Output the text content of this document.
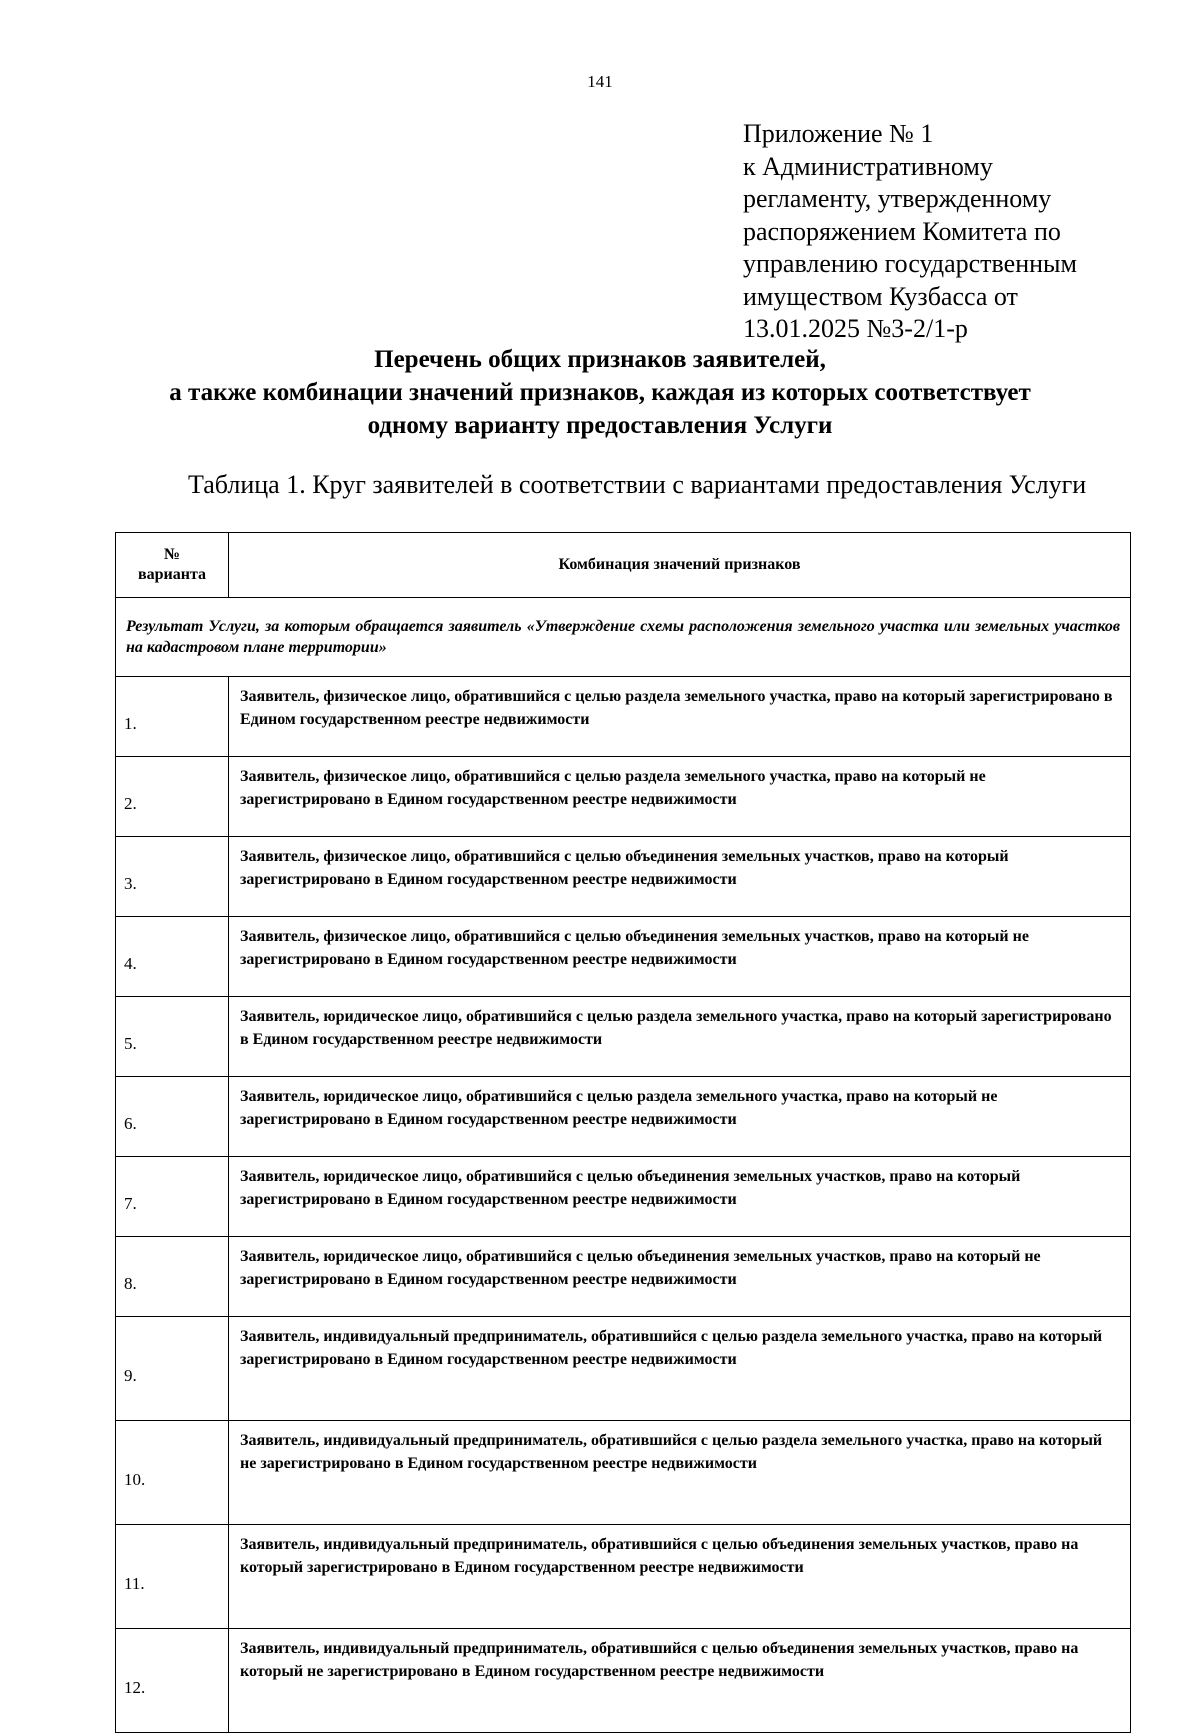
141
Приложение № 1
к Административному
регламенту, утвержденному
распоряжением Комитета по
управлению государственным
имуществом Кузбасса от
13.01.2025 №3-2/1-р
Перечень общих признаков заявителей,
а также комбинации значений признаков, каждая из которых соответствует
одному варианту предоставления Услуги
Таблица 1. Круг заявителей в соответствии с вариантами предоставления Услуги
№
варианта	Комбинация значений признаков
Результат Услуги, за которым обращается заявитель «Утверждение схемы расположения земельного участка или земельных участков на кадастровом плане территории»	
1.	Заявитель, физическое лицо, обратившийся с целью раздела земельного участка, право на который зарегистрировано в Едином государственном реестре недвижимости
2.	Заявитель, физическое лицо, обратившийся с целью раздела земельного участка, право на который не зарегистрировано в Едином государственном реестре недвижимости
3.	Заявитель, физическое лицо, обратившийся с целью объединения земельных участков, право на который зарегистрировано в Едином государственном реестре недвижимости
4.	Заявитель, физическое лицо, обратившийся с целью объединения земельных участков, право на который не зарегистрировано в Едином государственном реестре недвижимости
5.	Заявитель, юридическое лицо, обратившийся с целью раздела земельного участка, право на который зарегистрировано в Едином государственном реестре недвижимости
6.	Заявитель, юридическое лицо, обратившийся с целью раздела земельного участка, право на который не зарегистрировано в Едином государственном реестре недвижимости
7.	Заявитель, юридическое лицо, обратившийся с целью объединения земельных участков, право на который зарегистрировано в Едином государственном реестре недвижимости
8.	Заявитель, юридическое лицо, обратившийся с целью объединения земельных участков, право на который не зарегистрировано в Едином государственном реестре недвижимости
9.	Заявитель, индивидуальный предприниматель, обратившийся с целью раздела земельного участка, право на который зарегистрировано в Едином государственном реестре недвижимости
10.	Заявитель, индивидуальный предприниматель, обратившийся с целью раздела земельного участка, право на который не зарегистрировано в Едином государственном реестре недвижимости
11.	Заявитель, индивидуальный предприниматель, обратившийся с целью объединения земельных участков, право на который зарегистрировано в Едином государственном реестре недвижимости
12.	Заявитель, индивидуальный предприниматель, обратившийся с целью объединения земельных участков, право на который не зарегистрировано в Едином государственном реестре недвижимости
